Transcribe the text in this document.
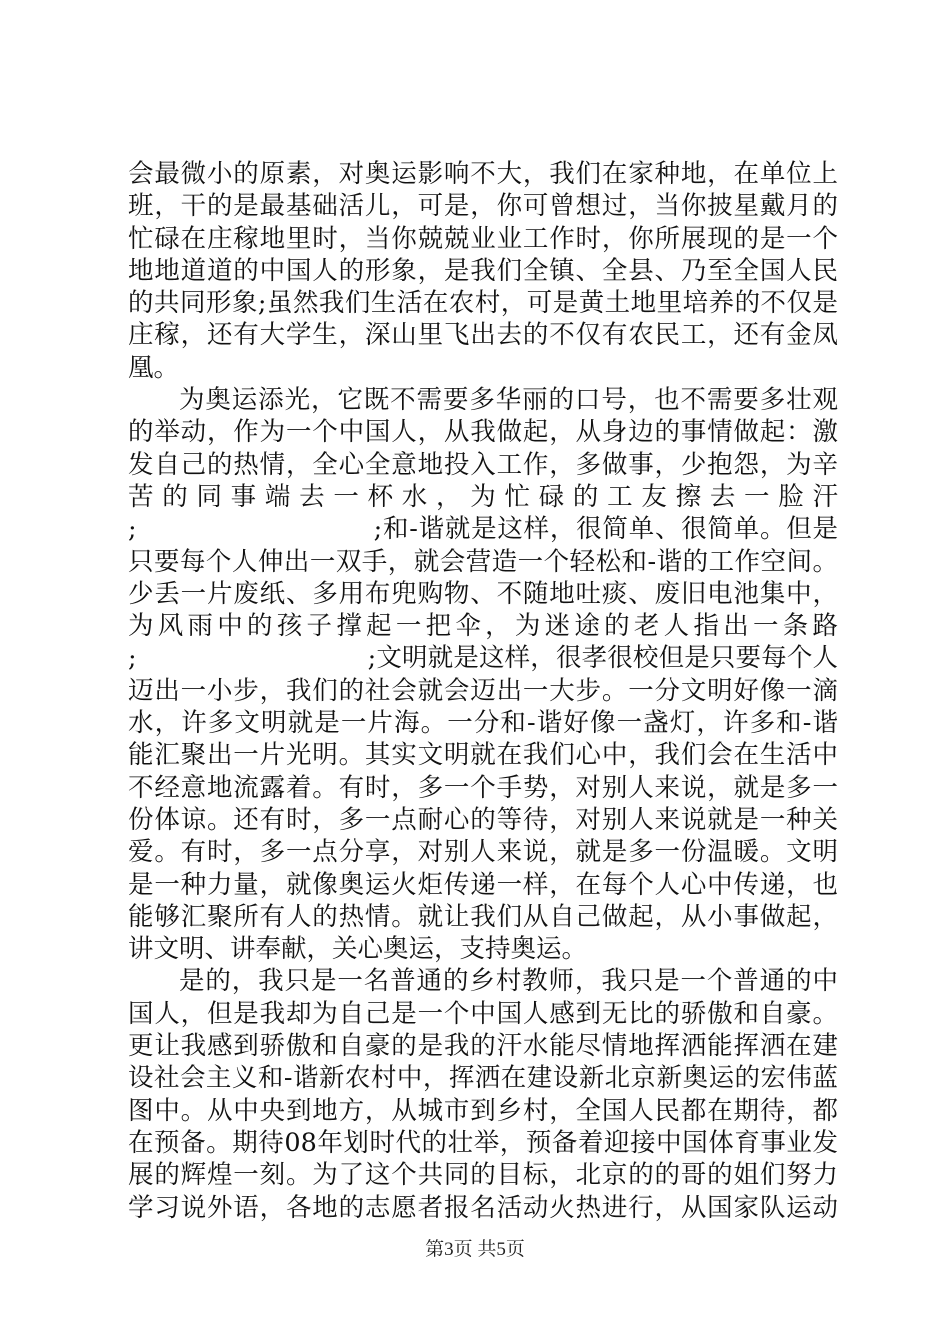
会最微小的原素，对奥运影响不大，我们在家种地，在单位上
班，干的是最基础活儿，可是，你可曾想过，当你披星戴月的
忙碌在庄稼地里时，当你兢兢业业工作时，你所展现的是一个
地地道道的中国人的形象，是我们全镇、全县、乃至全国人民
的共同形象;虽然我们生活在农村，可是黄土地里培养的不仅是
庄稼，还有大学生，深山里飞出去的不仅有农民工，还有金凤
凰。
为奥运添光，它既不需要多华丽的口号，也不需要多壮观
的举动，作为一个中国人，从我做起，从身边的事情做起：激
发自己的热情，全心全意地投入工作，多做事，少抱怨，为辛
苦的同事端去一杯水，为忙碌的工友擦去一脸汗
;　　　　　　　　　;和-谐就是这样，很简单、很简单。但是
只要每个人伸出一双手，就会营造一个轻松和-谐的工作空间。
少丢一片废纸、多用布兜购物、不随地吐痰、废旧电池集中，
为风雨中的孩子撑起一把伞，为迷途的老人指出一条路
;　　　　　　　　　;文明就是这样，很孝很校但是只要每个人
迈出一小步，我们的社会就会迈出一大步。一分文明好像一滴
水，许多文明就是一片海。一分和-谐好像一盏灯，许多和-谐
能汇聚出一片光明。其实文明就在我们心中，我们会在生活中
不经意地流露着。有时，多一个手势，对别人来说，就是多一
份体谅。还有时，多一点耐心的等待，对别人来说就是一种关
爱。有时，多一点分享，对别人来说，就是多一份温暖。文明
是一种力量，就像奥运火炬传递一样，在每个人心中传递，也
能够汇聚所有人的热情。就让我们从自己做起，从小事做起，
讲文明、讲奉献，关心奥运，支持奥运。
是的，我只是一名普通的乡村教师，我只是一个普通的中
国人，但是我却为自己是一个中国人感到无比的骄傲和自豪。
更让我感到骄傲和自豪的是我的汗水能尽情地挥洒能挥洒在建
设社会主义和-谐新农村中，挥洒在建设新北京新奥运的宏伟蓝
图中。从中央到地方，从城市到乡村，全国人民都在期待，都
在预备。期待08年划时代的壮举，预备着迎接中国体育事业发
展的辉煌一刻。为了这个共同的目标，北京的的哥的姐们努力
学习说外语，各地的志愿者报名活动火热进行，从国家队运动
第3页 共5页
